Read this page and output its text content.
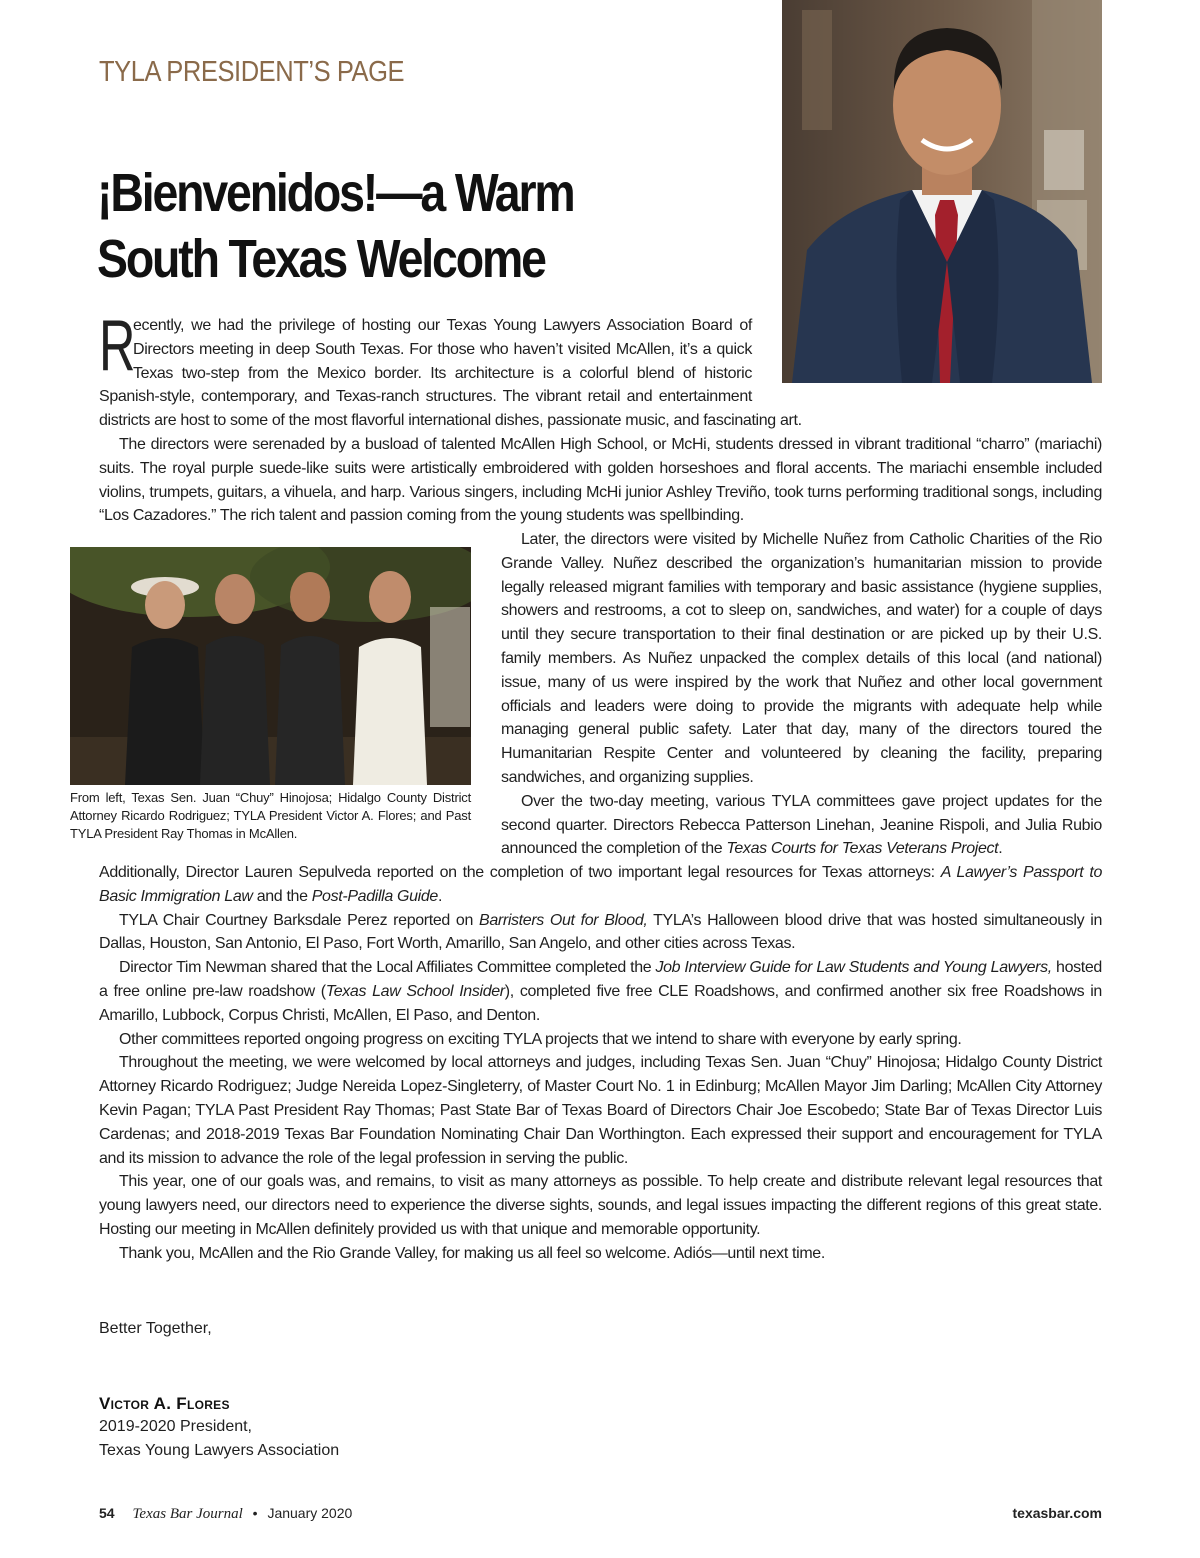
TYLA PRESIDENT’S PAGE
¡Bienvenidos!—a Warm
South Texas Welcome

R
ecently, we had the privilege of hosting our Texas Young Lawyers Association Board of Directors meeting in deep South Texas. For those who haven’t visited McAllen, it’s a quick Texas two-step from the Mexico border. Its architecture is a colorful blend of historic Spanish-style, contemporary, and Texas-ranch structures. The vibrant retail and entertainment districts are host to some of the most flavorful international dishes, passionate music, and fascinating art.

The directors were serenaded by a busload of talented McAllen High School, or McHi, students dressed in vibrant traditional “charro” (mariachi) suits. The royal purple suede-like suits were artistically embroidered with golden horseshoes and floral accents. The mariachi ensemble included violins, trumpets, guitars, a vihuela, and harp. Various singers, including McHi junior Ashley Treviño, took turns performing traditional songs, including “Los Cazadores.” The rich talent and passion coming from the young students was spellbinding.

From left, Texas Sen. Juan “Chuy” Hinojosa; Hidalgo County District Attorney Ricardo Rodriguez; TYLA President Victor A. Flores; and Past TYLA President Ray Thomas in McAllen.

Later, the directors were visited by Michelle Nuñez from Catholic Charities of the Rio Grande Valley. Nuñez described the organization’s humanitarian mission to provide legally released migrant families with temporary and basic assistance (hygiene supplies, showers and restrooms, a cot to sleep on, sandwiches, and water) for a couple of days until they secure transportation to their final destination or are picked up by their U.S. family members. As Nuñez unpacked the complex details of this local (and national) issue, many of us were inspired by the work that Nuñez and other local government officials and leaders were doing to provide the migrants with adequate help while managing general public safety. Later that day, many of the directors toured the Humanitarian Respite Center and volunteered by cleaning the facility, preparing sandwiches, and organizing supplies.

Over the two-day meeting, various TYLA committees gave project updates for the second quarter. Directors Rebecca Patterson Linehan, Jeanine Rispoli, and Julia Rubio announced the completion of the Texas Courts for Texas Veterans Project.

Additionally, Director Lauren Sepulveda reported on the completion of two important legal resources for Texas attorneys: A Lawyer’s Passport to Basic Immigration Law and the Post-Padilla Guide.

TYLA Chair Courtney Barksdale Perez reported on Barristers Out for Blood, TYLA’s Halloween blood drive that was hosted simultaneously in Dallas, Houston, San Antonio, El Paso, Fort Worth, Amarillo, San Angelo, and other cities across Texas.

Director Tim Newman shared that the Local Affiliates Committee completed the Job Interview Guide for Law Students and Young Lawyers, hosted a free online pre-law roadshow (Texas Law School Insider), completed five free CLE Roadshows, and confirmed another six free Roadshows in Amarillo, Lubbock, Corpus Christi, McAllen, El Paso, and Denton.

Other committees reported ongoing progress on exciting TYLA projects that we intend to share with everyone by early spring.

Throughout the meeting, we were welcomed by local attorneys and judges, including Texas Sen. Juan “Chuy” Hinojosa; Hidalgo County District Attorney Ricardo Rodriguez; Judge Nereida Lopez-Singleterry, of Master Court No. 1 in Edinburg; McAllen Mayor Jim Darling; McAllen City Attorney Kevin Pagan; TYLA Past President Ray Thomas; Past State Bar of Texas Board of Directors Chair Joe Escobedo; State Bar of Texas Director Luis Cardenas; and 2018-2019 Texas Bar Foundation Nominating Chair Dan Worthington. Each expressed their support and encouragement for TYLA and its mission to advance the role of the legal profession in serving the public.

This year, one of our goals was, and remains, to visit as many attorneys as possible. To help create and distribute relevant legal resources that young lawyers need, our directors need to experience the diverse sights, sounds, and legal issues impacting the different regions of this great state. Hosting our meeting in McAllen definitely provided us with that unique and memorable opportunity.

Thank you, McAllen and the Rio Grande Valley, for making us all feel so welcome. Adiós—until next time.

Better Together,
Victor A. Flores
2019-2020 President,
Texas Young Lawyers Association
54 Texas Bar Journal • January 2020	texasbar.com
